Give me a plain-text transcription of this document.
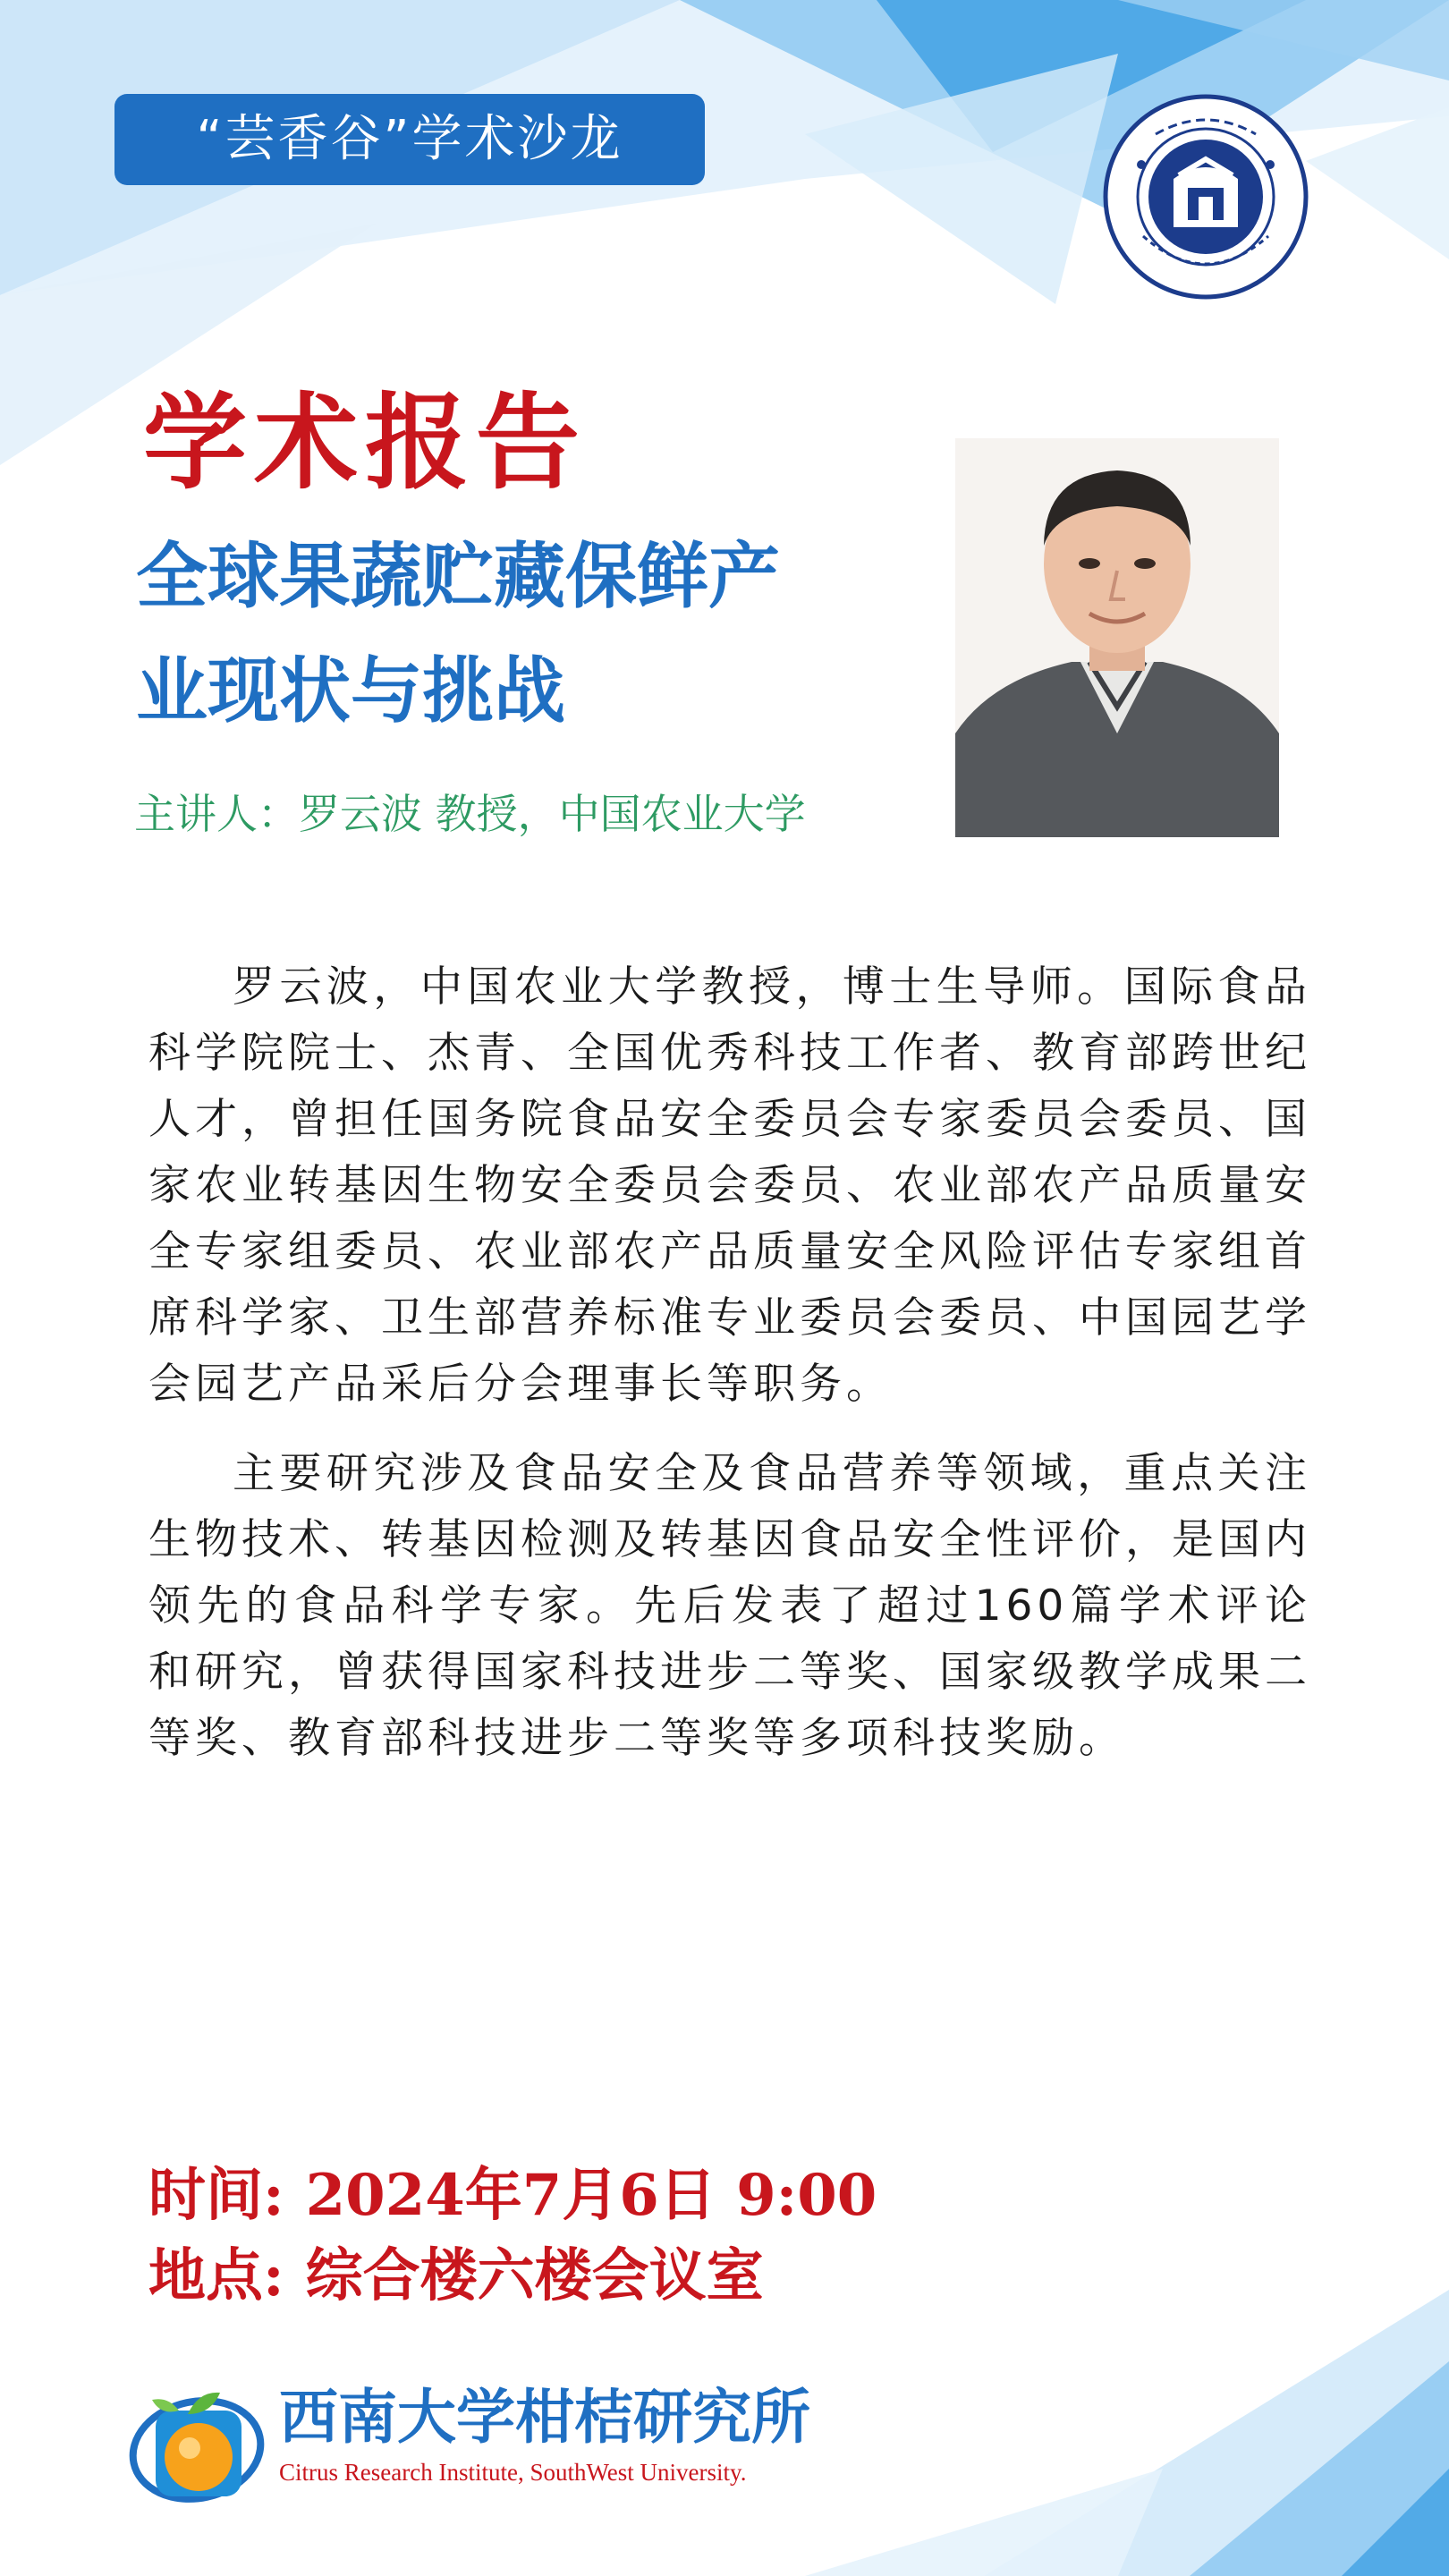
“芸香谷”学术沙龙
学术报告
全球果蔬贮藏保鲜产
业现状与挑战
主讲人：罗云波 教授，中国农业大学

罗云波，中国农业大学教授，博士生导师。国际食品科学院院士、杰青、全国优秀科技工作者、教育部跨世纪人才，曾担任国务院食品安全委员会专家委员会委员、国家农业转基因生物安全委员会委员、农业部农产品质量安全专家组委员、农业部农产品质量安全风险评估专家组首席科学家、卫生部营养标准专业委员会委员、中国园艺学会园艺产品采后分会理事长等职务。

主要研究涉及食品安全及食品营养等领域，重点关注生物技术、转基因检测及转基因食品安全性评价，是国内领先的食品科学专家。先后发表了超过160篇学术评论和研究，曾获得国家科技进步二等奖、国家级教学成果二等奖、教育部科技进步二等奖等多项科技奖励。

时间: 2024年7月6日 9:00
地点: 综合楼六楼会议室
西南大学柑桔研究所
Citrus Research Institute, SouthWest University.
